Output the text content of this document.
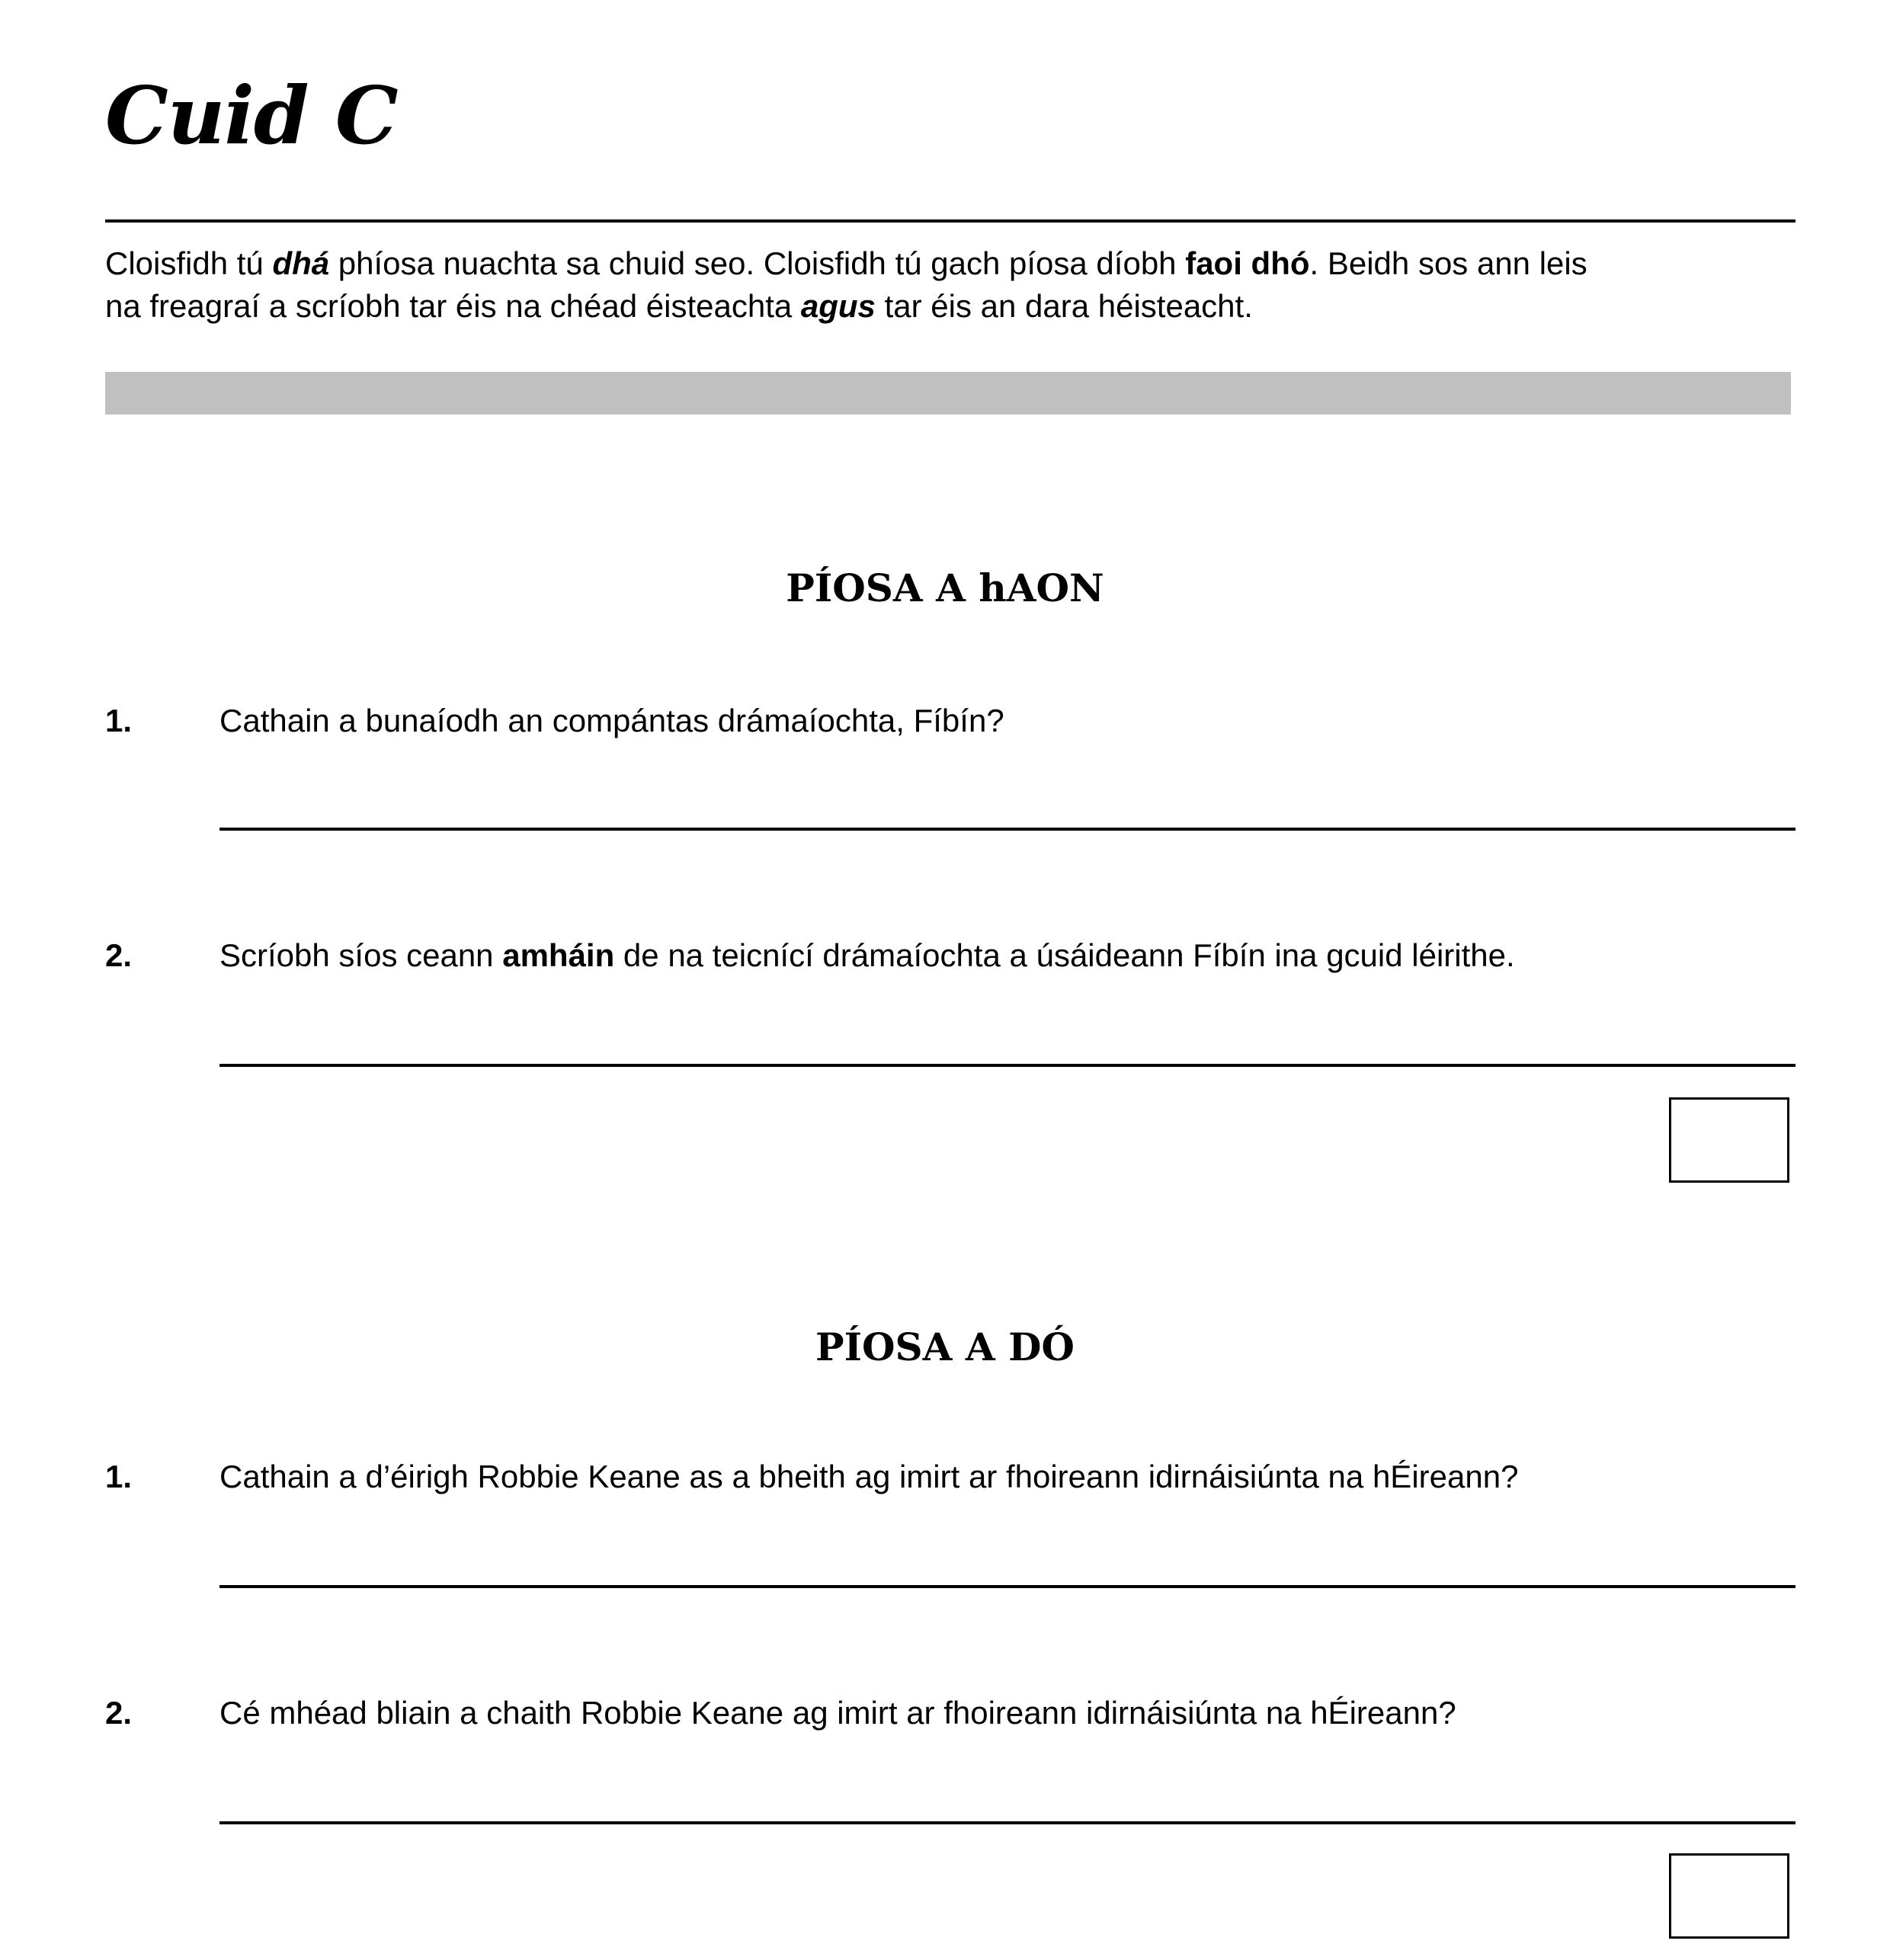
Cuid C
Cloisfidh tú dhá phíosa nuachta sa chuid seo. Cloisfidh tú gach píosa díobh faoi dhó. Beidh sos ann leis
na freagraí a scríobh tar éis na chéad éisteachta agus tar éis an dara héisteacht.
PÍOSA A hAON
1.	Cathain a bunaíodh an compántas drámaíochta, Fíbín?
2.	Scríobh síos ceann amháin de na teicnící drámaíochta a úsáideann Fíbín ina gcuid léirithe.
PÍOSA A DÓ
1.	Cathain a d’éirigh Robbie Keane as a bheith ag imirt ar fhoireann idirnáisiúnta na hÉireann?
2.	Cé mhéad bliain a chaith Robbie Keane ag imirt ar fhoireann idirnáisiúnta na hÉireann?
